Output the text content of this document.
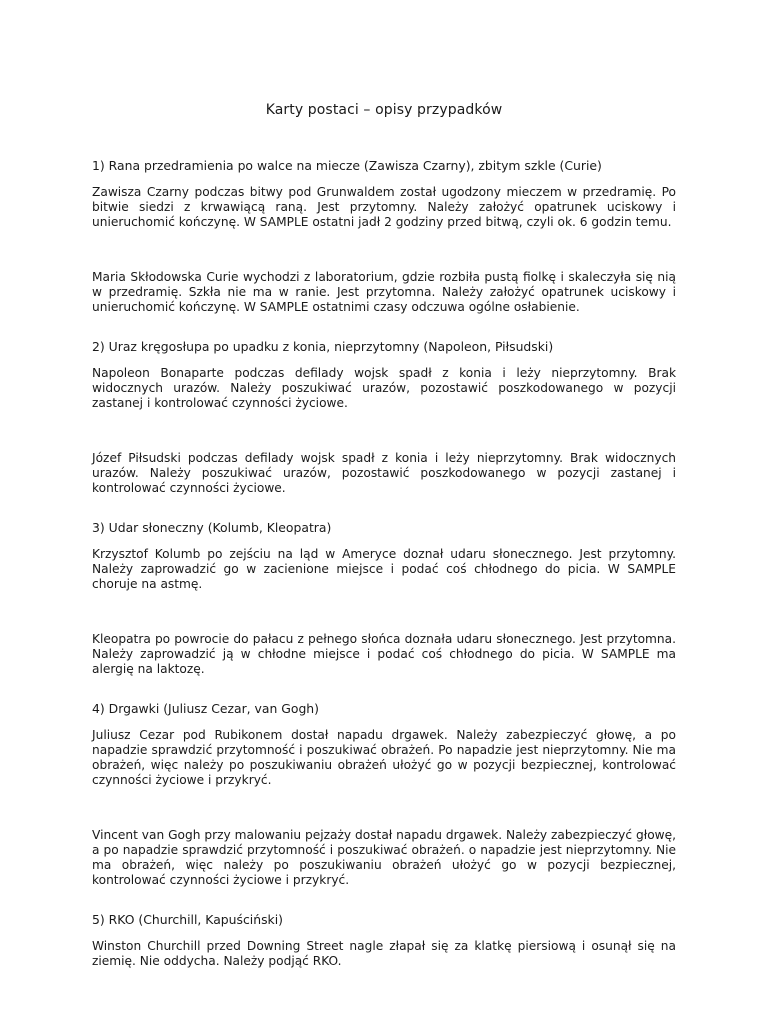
Karty postaci – opisy przypadków
1) Rana przedramienia po walce na miecze (Zawisza Czarny), zbitym szkle (Curie)

Zawisza Czarny podczas bitwy pod Grunwaldem został ugodzony mieczem w przedramię. Po bitwie siedzi z krwawiącą raną. Jest przytomny. Należy założyć opatrunek uciskowy i unieruchomić kończynę. W SAMPLE ostatni jadł 2 godziny przed bitwą, czyli ok. 6 godzin temu.

Maria Skłodowska Curie wychodzi z laboratorium, gdzie rozbiła pustą fiolkę i skaleczyła się nią w przedramię. Szkła nie ma w ranie. Jest przytomna. Należy założyć opatrunek uciskowy i unieruchomić kończynę. W SAMPLE ostatnimi czasy odczuwa ogólne osłabienie.

2) Uraz kręgosłupa po upadku z konia, nieprzytomny (Napoleon, Piłsudski)

Napoleon Bonaparte podczas defilady wojsk spadł z konia i leży nieprzytomny. Brak widocznych urazów. Należy poszukiwać urazów, pozostawić poszkodowanego w pozycji zastanej i kontrolować czynności życiowe.

Józef Piłsudski podczas defilady wojsk spadł z konia i leży nieprzytomny. Brak widocznych urazów. Należy poszukiwać urazów, pozostawić poszkodowanego w pozycji zastanej i kontrolować czynności życiowe.

3) Udar słoneczny (Kolumb, Kleopatra)

Krzysztof Kolumb po zejściu na ląd w Ameryce doznał udaru słonecznego. Jest przytomny. Należy zaprowadzić go w zacienione miejsce i podać coś chłodnego do picia. W SAMPLE choruje na astmę.

Kleopatra po powrocie do pałacu z pełnego słońca doznała udaru słonecznego. Jest przytomna. Należy zaprowadzić ją w chłodne miejsce i podać coś chłodnego do picia. W SAMPLE ma alergię na laktozę.

4) Drgawki (Juliusz Cezar, van Gogh)

Juliusz Cezar pod Rubikonem dostał napadu drgawek. Należy zabezpieczyć głowę, a po napadzie sprawdzić przytomność i poszukiwać obrażeń. Po napadzie jest nieprzytomny. Nie ma obrażeń, więc należy po poszukiwaniu obrażeń ułożyć go w pozycji bezpiecznej, kontrolować czynności życiowe i przykryć.

Vincent van Gogh przy malowaniu pejzaży dostał napadu drgawek. Należy zabezpieczyć głowę, a po napadzie sprawdzić przytomność i poszukiwać obrażeń. o napadzie jest nieprzytomny. Nie ma obrażeń, więc należy po poszukiwaniu obrażeń ułożyć go w pozycji bezpiecznej, kontrolować czynności życiowe i przykryć.

5) RKO (Churchill, Kapuściński)

Winston Churchill przed Downing Street nagle złapał się za klatkę piersiową i osunął się na ziemię. Nie oddycha. Należy podjąć RKO.
